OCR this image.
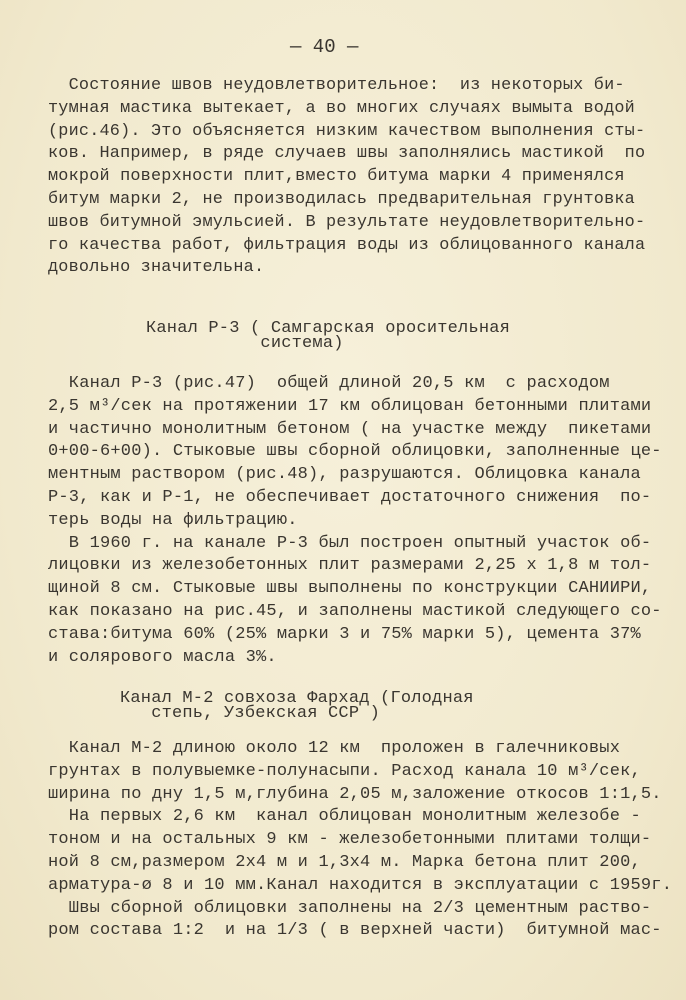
— 40 —
Состояние швов неудовлетворительное:  из некоторых би-
тумная мастика вытекает, а во многих случаях вымыта водой
(рис.46). Это объясняется низким качеством выполнения сты-
ков. Например, в ряде случаев швы заполнялись мастикой  по
мокрой поверхности плит,вместо битума марки 4 применялся
битум марки 2, не производилась предварительная грунтовка
швов битумной эмульсией. В результате неудовлетворительно-
го качества работ, фильтрация воды из облицованного канала
довольно значительна.
Канал Р-3 ( Самгарская оросительная
система)
Канал Р-3 (рис.47)  общей длиной 20,5 км  с расходом
2,5 м³/сек на протяжении 17 км облицован бетонными плитами
и частично монолитным бетоном ( на участке между  пикетами
0+00-6+00). Стыковые швы сборной облицовки, заполненные це-
ментным раствором (рис.48), разрушаются. Облицовка канала
Р-3, как и Р-1, не обеспечивает достаточного снижения  по-
терь воды на фильтрацию.
В 1960 г. на канале Р-3 был построен опытный участок об-
лицовки из железобетонных плит размерами 2,25 х 1,8 м тол-
щиной 8 см. Стыковые швы выполнены по конструкции САНИИРИ,
как показано на рис.45, и заполнены мастикой следующего со-
става:битума 60% (25% марки 3 и 75% марки 5), цемента 37%
и солярового масла 3%.
Канал М-2 совхоза Фархад (Голодная
степь, Узбекская ССР )
Канал М-2 длиною около 12 км  проложен в галечниковых
грунтах в полувыемке-полунасыпи. Расход канала 10 м³/сек,
ширина по дну 1,5 м,глубина 2,05 м,заложение откосов 1:1,5.
На первых 2,6 км  канал облицован монолитным железобе -
тоном и на остальных 9 км - железобетонными плитами толщи-
ной 8 см,размером 2х4 м и 1,3х4 м. Марка бетона плит 200,
арматура-ø 8 и 10 мм.Канал находится в эксплуатации с 1959г.
Швы сборной облицовки заполнены на 2/3 цементным раство-
ром состава 1:2  и на 1/3 ( в верхней части)  битумной мас-
